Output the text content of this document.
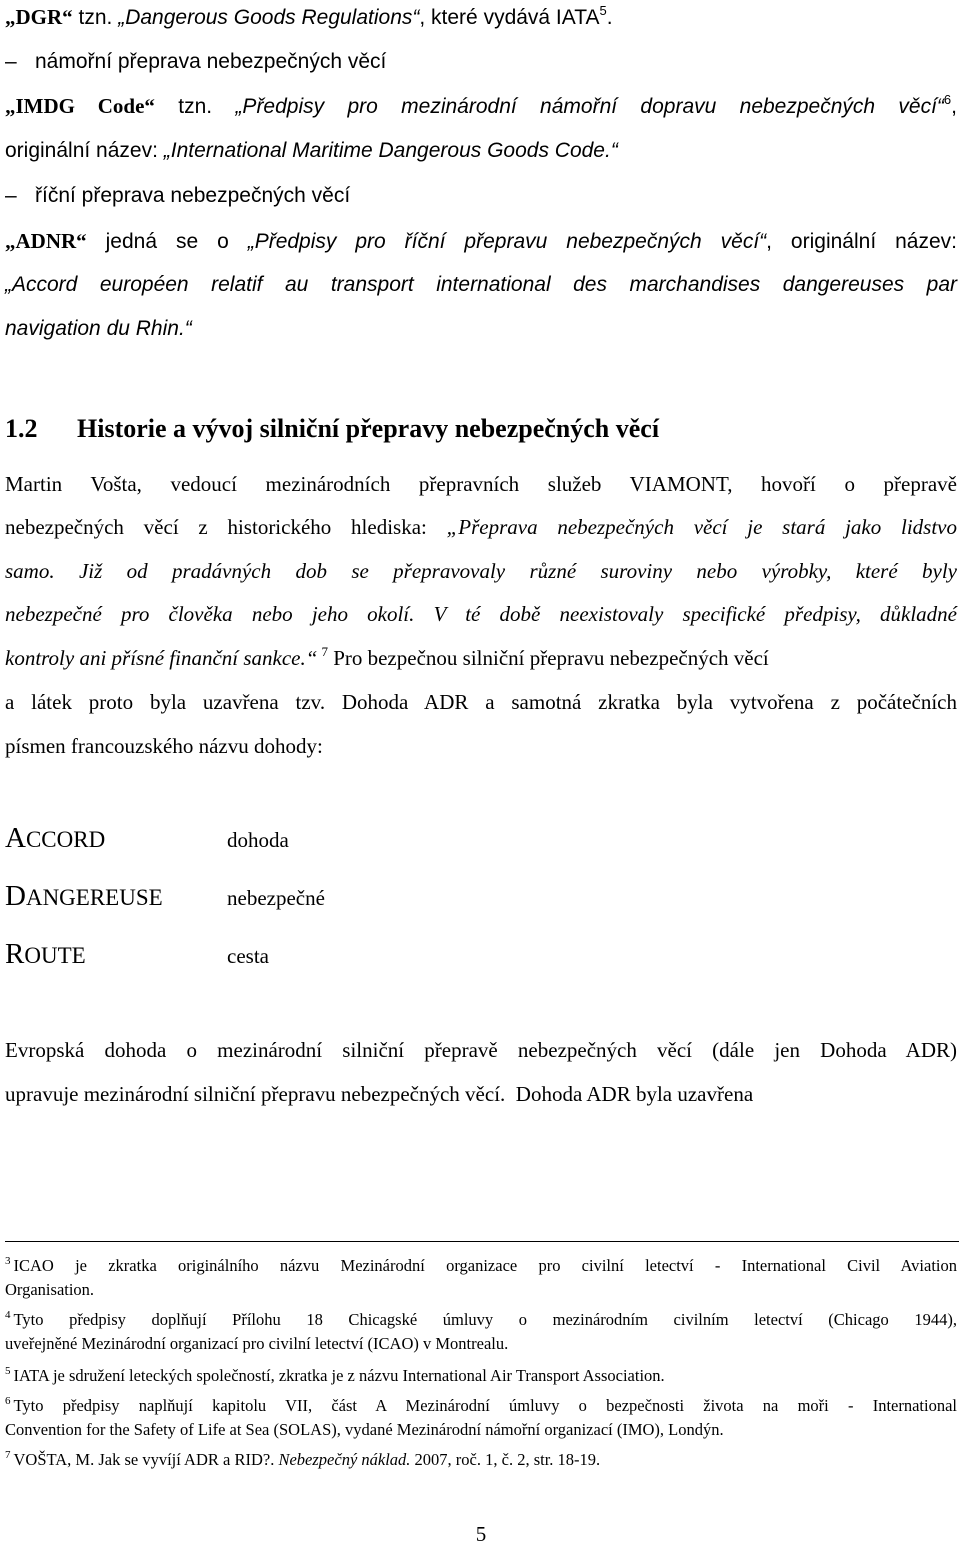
„DGR“ tzn. „Dangerous Goods Regulations“, které vydává IATA$^5$.
– námořní přeprava nebezpečných věcí
„IMDG Code“ tzn. „Předpisy pro mezinárodní námořní dopravu nebezpečných věcí“$^6$,
originální název: „International Maritime Dangerous Goods Code.“
– říční přeprava nebezpečných věcí
„ADNR“ jedná se o „Předpisy pro říční přepravu nebezpečných věcí“, originální název:
„Accord européen relatif au transport international des marchandises dangereuses par
navigation du Rhin.“
1.2 Historie a vývoj silniční přepravy nebezpečných věcí
Martin Vošta, vedoucí mezinárodních přepravních služeb VIAMONT, hovoří o přepravě
nebezpečných věcí z historického hlediska: „Přeprava nebezpečných věcí je stará jako lidstvo
samo. Již od pradávných dob se přepravovaly různé suroviny nebo výrobky, které byly
nebezpečné pro člověka nebo jeho okolí. V té době neexistovaly specifické předpisy, důkladné
kontroly ani přísné finanční sankce.“ $^7$ Pro bezpečnou silniční přepravu nebezpečných věcí
a látek proto byla uzavřena tzv. Dohoda ADR a samotná zkratka byla vytvořena z počátečních
písmen francouzského názvu dohody:
ACCORD	dohoda
DANGEREUSE	nebezpečné
ROUTE	cesta
Evropská dohoda o mezinárodní silniční přepravě nebezpečných věcí (dále jen Dohoda ADR)
upravuje mezinárodní silniční přepravu nebezpečných věcí.  Dohoda ADR byla uzavřena
$^3$ ICAO je zkratka originálního názvu Mezinárodní organizace pro civilní letectví - International Civil Aviation
Organisation.
$^4$ Tyto předpisy doplňují Přílohu 18 Chicagské úmluvy o mezinárodním civilním letectví (Chicago 1944),
uveřejněné Mezinárodní organizací pro civilní letectví (ICAO) v Montrealu.
$^5$ IATA je sdružení leteckých společností, zkratka je z názvu International Air Transport Association.
$^6$ Tyto předpisy naplňují kapitolu VII, část A Mezinárodní úmluvy o bezpečnosti života na moři - International
Convention for the Safety of Life at Sea (SOLAS), vydané Mezinárodní námořní organizací (IMO), Londýn.
$^7$ VOŠTA, M. Jak se vyvíjí ADR a RID?. Nebezpečný náklad. 2007, roč. 1, č. 2, str. 18-19.
5
